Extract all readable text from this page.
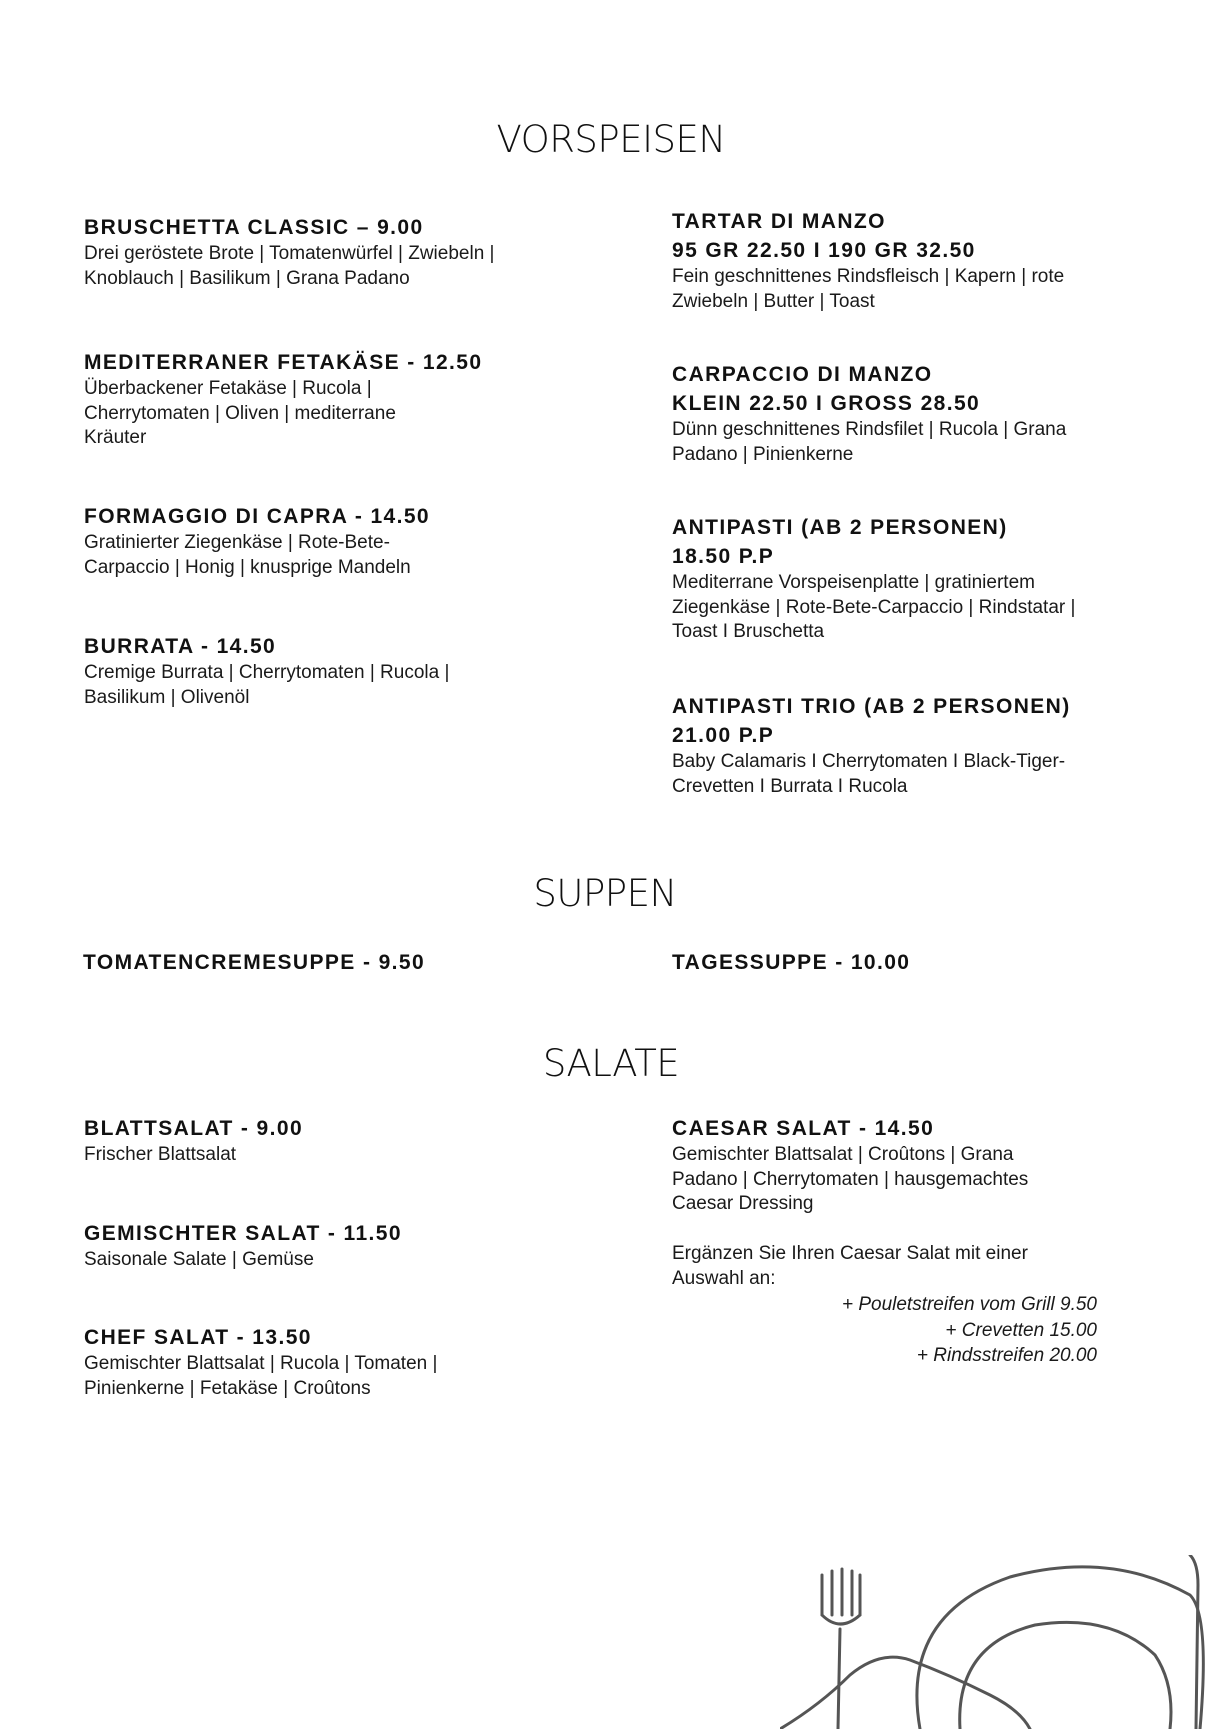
VORSPEISEN

BRUSCHETTA CLASSIC – 9.00

Drei geröstete Brote | Tomatenwürfel | Zwiebeln | Knoblauch | Basilikum | Grana Padano

MEDITERRANER FETAKÄSE - 12.50

Überbackener Fetakäse | Rucola | Cherrytomaten | Oliven | mediterrane Kräuter

FORMAGGIO DI CAPRA - 14.50

Gratinierter Ziegenkäse | Rote-Bete-Carpaccio | Honig | knusprige Mandeln

BURRATA - 14.50

Cremige Burrata | Cherrytomaten | Rucola | Basilikum | Olivenöl

TARTAR DI MANZO

95 GR 22.50 I 190 GR 32.50

Fein geschnittenes Rindsfleisch | Kapern | rote Zwiebeln | Butter | Toast

CARPACCIO DI MANZO

KLEIN 22.50 I GROSS 28.50

Dünn geschnittenes Rindsfilet | Rucola | Grana Padano | Pinienkerne

ANTIPASTI (AB 2 PERSONEN)

18.50 P.P

Mediterrane Vorspeisenplatte | gratiniertem Ziegenkäse | Rote-Bete-Carpaccio | Rindstatar | Toast I Bruschetta

ANTIPASTI TRIO (AB 2 PERSONEN)

21.00 P.P

Baby Calamaris I Cherrytomaten I Black-Tiger-Crevetten I Burrata I Rucola

SUPPEN

TOMATENCREMESUPPE - 9.50	TAGESSUPPE - 10.00

SALATE

BLATTSALAT - 9.00

Frischer Blattsalat

GEMISCHTER SALAT - 11.50

Saisonale Salate | Gemüse

CHEF SALAT - 13.50

Gemischter Blattsalat | Rucola | Tomaten | Pinienkerne | Fetakäse | Croûtons

CAESAR SALAT - 14.50

Gemischter Blattsalat | Croûtons | Grana Padano | Cherrytomaten | hausgemachtes Caesar Dressing

Ergänzen Sie Ihren Caesar Salat mit einer Auswahl an:

+ Pouletstreifen vom Grill 9.50
+ Crevetten 15.00
+ Rindsstreifen 20.00
